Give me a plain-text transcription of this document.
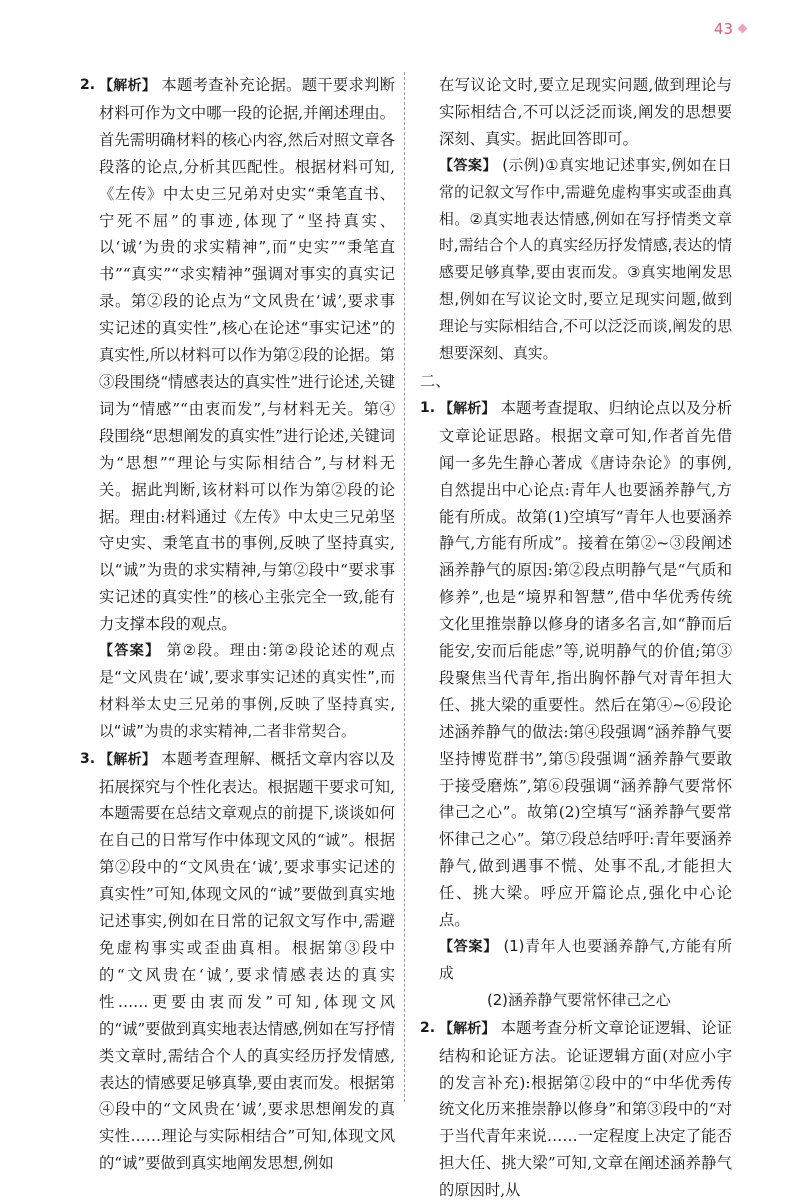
43
2. 【解析】 本题考查补充论据。题干要求判断材料可作为文中哪一段的论据,并阐述理由。首先需明确材料的核心内容,然后对照文章各段落的论点,分析其匹配性。根据材料可知,《左传》中太史三兄弟对史实“秉笔直书、宁死不屈”的事迹,体现了“坚持真实、以‘诚’为贵的求实精神”,而“史实”“秉笔直书”“真实”“求实精神”强调对事实的真实记录。第②段的论点为“文风贵在‘诚’,要求事实记述的真实性”,核心在论述“事实记述”的真实性,所以材料可以作为第②段的论据。第③段围绕“情感表达的真实性”进行论述,关键词为“情感”“由衷而发”,与材料无关。第④段围绕“思想阐发的真实性”进行论述,关键词为“思想”“理论与实际相结合”,与材料无关。据此判断,该材料可以作为第②段的论据。理由:材料通过《左传》中太史三兄弟坚守史实、秉笔直书的事例,反映了坚持真实,以“诚”为贵的求实精神,与第②段中“要求事实记述的真实性”的核心主张完全一致,能有力支撑本段的观点。
【答案】 第②段。理由:第②段论述的观点是“文风贵在‘诚’,要求事实记述的真实性”,而材料举太史三兄弟的事例,反映了坚持真实,以“诚”为贵的求实精神,二者非常契合。
3. 【解析】 本题考查理解、概括文章内容以及拓展探究与个性化表达。根据题干要求可知,本题需要在总结文章观点的前提下,谈谈如何在自己的日常写作中体现文风的“诚”。根据第②段中的“文风贵在‘诚’,要求事实记述的真实性”可知,体现文风的“诚”要做到真实地记述事实,例如在日常的记叙文写作中,需避免虚构事实或歪曲真相。根据第③段中的“文风贵在‘诚’,要求情感表达的真实性……更要由衷而发”可知,体现文风的“诚”要做到真实地表达情感,例如在写抒情类文章时,需结合个人的真实经历抒发情感,表达的情感要足够真挚,要由衷而发。根据第④段中的“文风贵在‘诚’,要求思想阐发的真实性……理论与实际相结合”可知,体现文风的“诚”要做到真实地阐发思想,例如
在写议论文时,要立足现实问题,做到理论与实际相结合,不可以泛泛而谈,阐发的思想要深刻、真实。据此回答即可。
【答案】 (示例)①真实地记述事实,例如在日常的记叙文写作中,需避免虚构事实或歪曲真相。②真实地表达情感,例如在写抒情类文章时,需结合个人的真实经历抒发情感,表达的情感要足够真挚,要由衷而发。③真实地阐发思想,例如在写议论文时,要立足现实问题,做到理论与实际相结合,不可以泛泛而谈,阐发的思想要深刻、真实。
二、
1. 【解析】 本题考查提取、归纳论点以及分析文章论证思路。根据文章可知,作者首先借闻一多先生静心著成《唐诗杂论》的事例,自然提出中心论点:青年人也要涵养静气,方能有所成。故第(1)空填写“青年人也要涵养静气,方能有所成”。接着在第②~③段阐述涵养静气的原因:第②段点明静气是“气质和修养”,也是“境界和智慧”,借中华优秀传统文化里推崇静以修身的诸多名言,如“静而后能安,安而后能虑”等,说明静气的价值;第③段聚焦当代青年,指出胸怀静气对青年担大任、挑大梁的重要性。然后在第④~⑥段论述涵养静气的做法:第④段强调“涵养静气要坚持博览群书”,第⑤段强调“涵养静气要敢于接受磨炼”,第⑥段强调“涵养静气要常怀律己之心”。故第(2)空填写“涵养静气要常怀律己之心”。第⑦段总结呼吁:青年要涵养静气,做到遇事不慌、处事不乱,才能担大任、挑大梁。呼应开篇论点,强化中心论点。
【答案】 (1)青年人也要涵养静气,方能有所成
(2)涵养静气要常怀律己之心
2. 【解析】 本题考查分析文章论证逻辑、论证结构和论证方法。论证逻辑方面(对应小宇的发言补充):根据第②段中的“中华优秀传统文化历来推崇静以修身”和第③段中的“对于当代青年来说……一定程度上决定了能否担大任、挑大梁”可知,文章在阐述涵养静气的原因时,从
